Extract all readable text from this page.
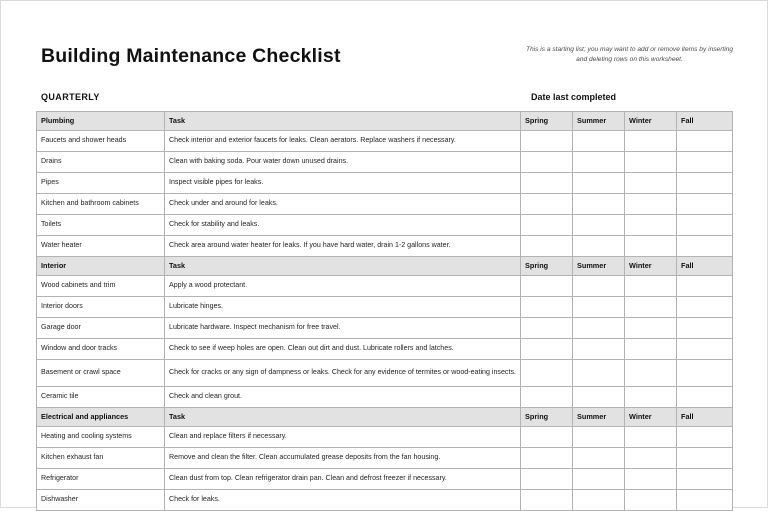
Building Maintenance Checklist	This is a starting list; you may want to add or remove items by inserting and deleting rows on this worksheet.
QUARTERLY	Date last completed
Plumbing	Task	Spring	Summer	Winter	Fall
Faucets and shower heads	Check interior and exterior faucets for leaks. Clean aerators. Replace washers if necessary.				
Drains	Clean with baking soda. Pour water down unused drains.				
Pipes	Inspect visible pipes for leaks.				
Kitchen and bathroom cabinets	Check under and around for leaks.				
Toilets	Check for stability and leaks.				
Water heater	Check area around water heater for leaks. If you have hard water, drain 1-2 gallons water.				
Interior	Task	Spring	Summer	Winter	Fall
Wood cabinets and trim	Apply a wood protectant.				
Interior doors	Lubricate hinges.				
Garage door	Lubricate hardware. Inspect mechanism for free travel.				
Window and door tracks	Check to see if weep holes are open. Clean out dirt and dust. Lubricate rollers and latches.				
Basement or crawl space	Check for cracks or any sign of dampness or leaks. Check for any evidence of termites or wood-eating insects.				
Ceramic tile	Check and clean grout.				
Electrical and appliances	Task	Spring	Summer	Winter	Fall
Heating and cooling systems	Clean and replace filters if necessary.				
Kitchen exhaust fan	Remove and clean the filter. Clean accumulated grease deposits from the fan housing.				
Refrigerator	Clean dust from top. Clean refrigerator drain pan. Clean and defrost freezer if necessary.				
Dishwasher	Check for leaks.				
